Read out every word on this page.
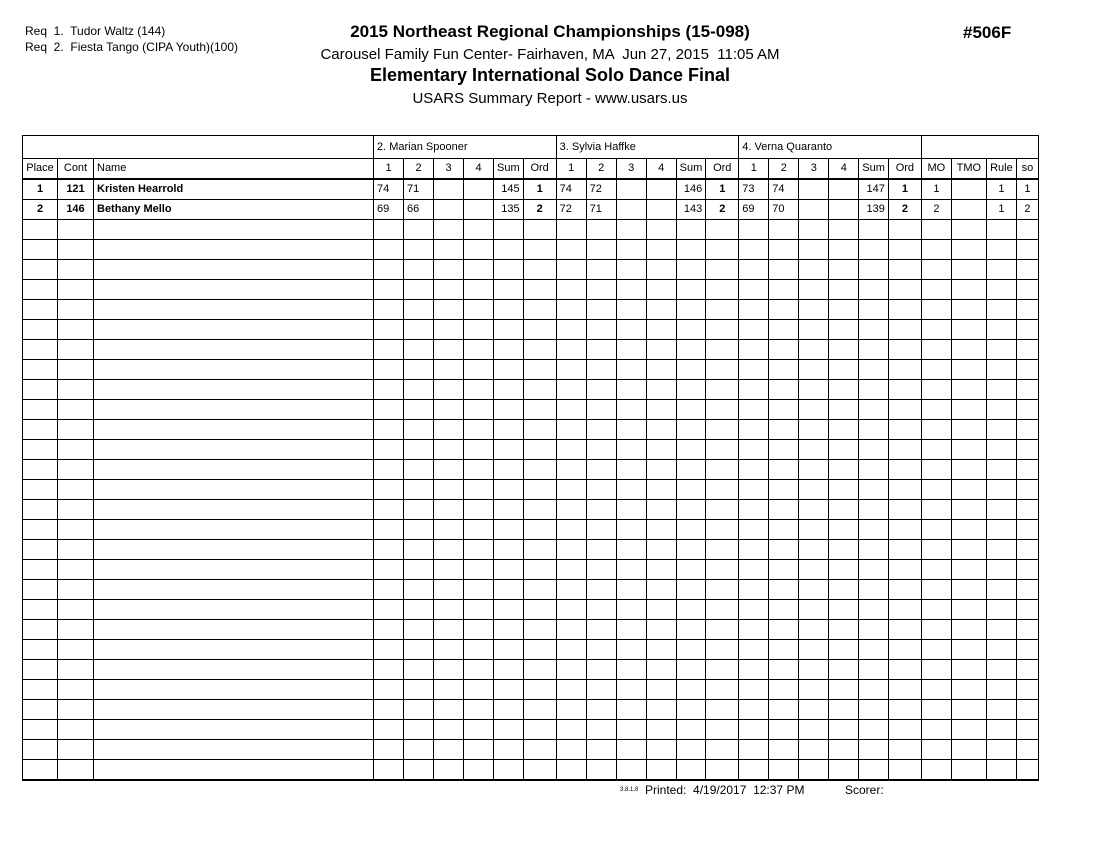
Req  1.  Tudor Waltz (144)
Req  2.  Fiesta Tango (CIPA Youth)(100)
2015 Northeast Regional Championships (15-098)
Carousel Family Fun Center- Fairhaven, MA  Jun 27, 2015  11:05 AM
Elementary International Solo Dance Final
USARS Summary Report - www.usars.us
#506F
			2. Marian Spooner						3. Sylvia Haffke						4. Verna Quaranto									
Place	Cont	Name	1	2	3	4	Sum	Ord	1	2	3	4	Sum	Ord	1	2	3	4	Sum	Ord	MO	TMO	Rule	so
1	121	Kristen Hearrold	74	71			145	1	74	72			146	1	73	74			147	1	1		1	1
2	146	Bethany Mello	69	66			135	2	72	71			143	2	69	70			139	2	2		1	2

3.8.1.8 Printed:  4/19/2017  12:37 PM	Scorer:
